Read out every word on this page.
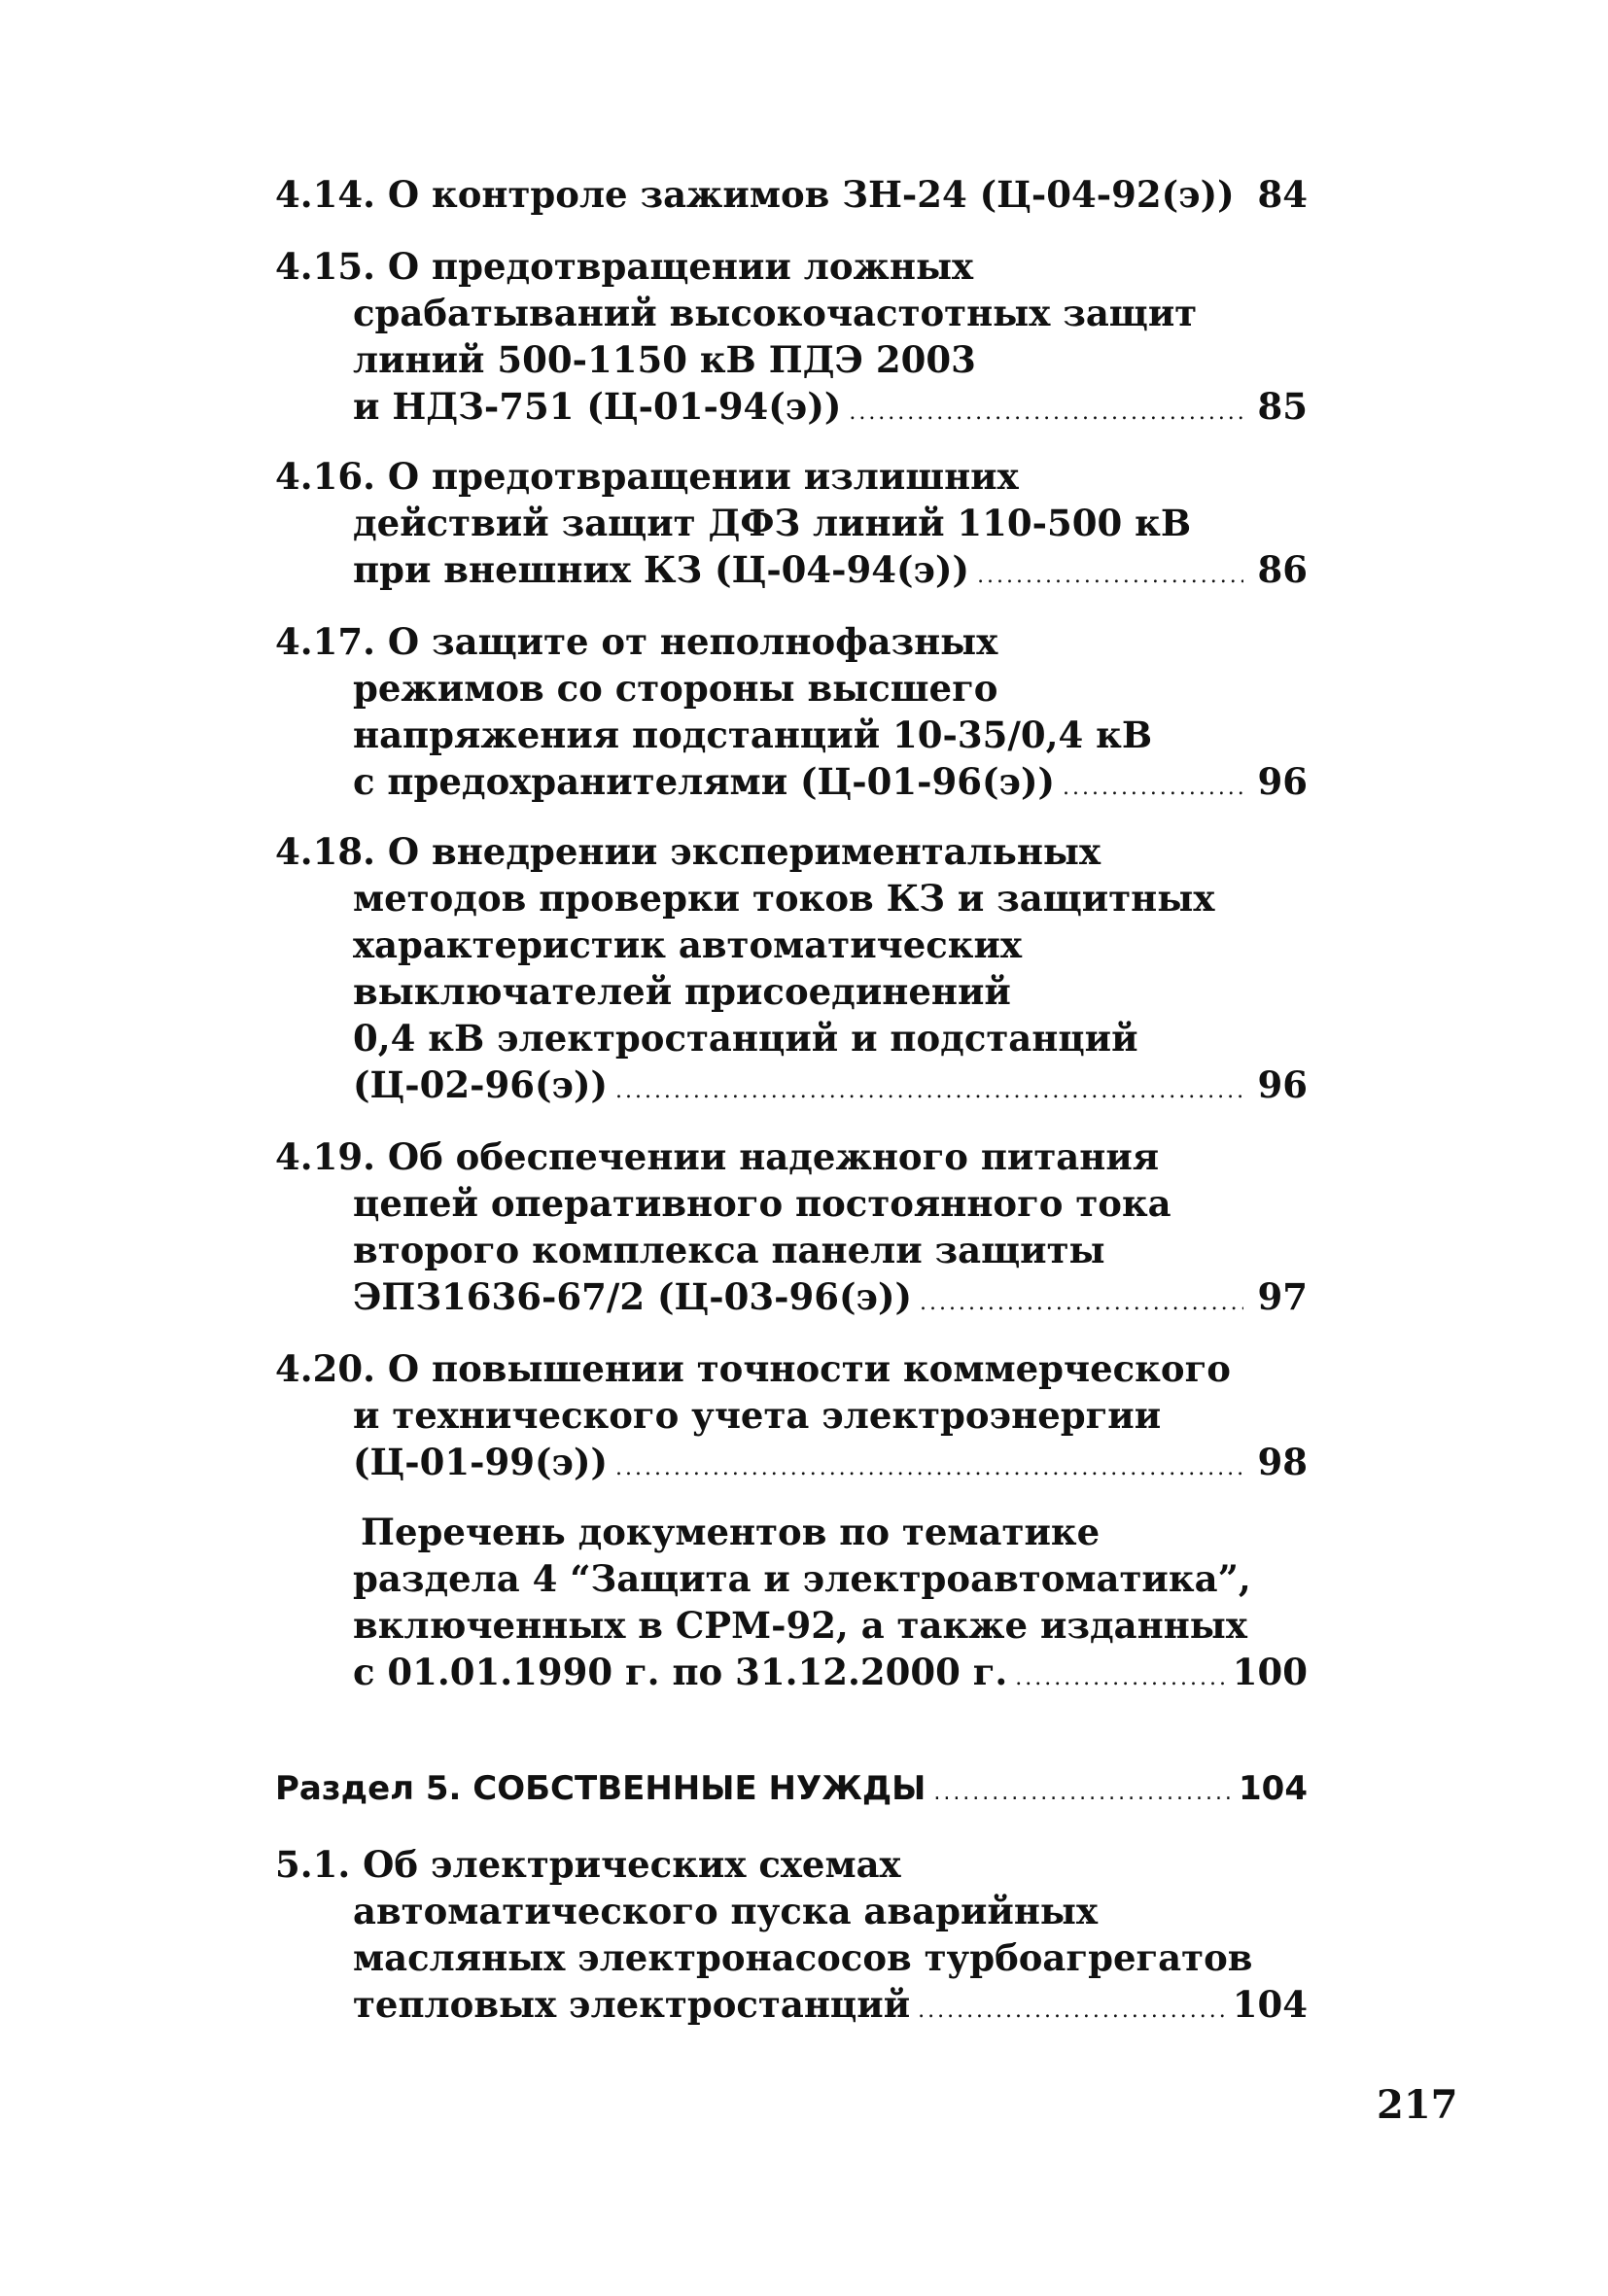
4.14. О контроле зажимов ЗН-24 (Ц-04-92(э)) . . . 84
4.15. О предотвращении ложных
срабатываний высокочастотных защит
линий 500-1150 кВ ПДЭ 2003
и НДЗ-751 (Ц-01-94(э)) . . .	85
4.16. О предотвращении излишних
действий защит ДФЗ линий 110-500 кВ
при внешних КЗ (Ц-04-94(э)) . . .	86
4.17. О защите от неполнофазных
режимов со стороны высшего
напряжения подстанций 10-35/0,4 кВ
с предохранителями (Ц-01-96(э)) . . .	96
4.18. О внедрении экспериментальных
методов проверки токов КЗ и защитных
характеристик автоматических
выключателей присоединений
0,4 кВ электростанций и подстанций
(Ц-02-96(э)) . . .	96
4.19. Об обеспечении надежного питания
цепей оперативного постоянного тока
второго комплекса панели защиты
ЭПЗ1636-67/2 (Ц-03-96(э)) . . .	97
4.20. О повышении точности коммерческого
и технического учета электроэнергии
(Ц-01-99(э)) . . .	98
Перечень документов по тематике
раздела 4 “Защита и электроавтоматика”,
включенных в СРМ-92, а также изданных
с 01.01.1990 г. по 31.12.2000 г. . . .	100
Раздел 5. СОБСТВЕННЫЕ НУЖДЫ . . .	104
5.1. Об электрических схемах
автоматического пуска аварийных
масляных электронасосов турбоагрегатов
тепловых электростанций . . .	104
217
